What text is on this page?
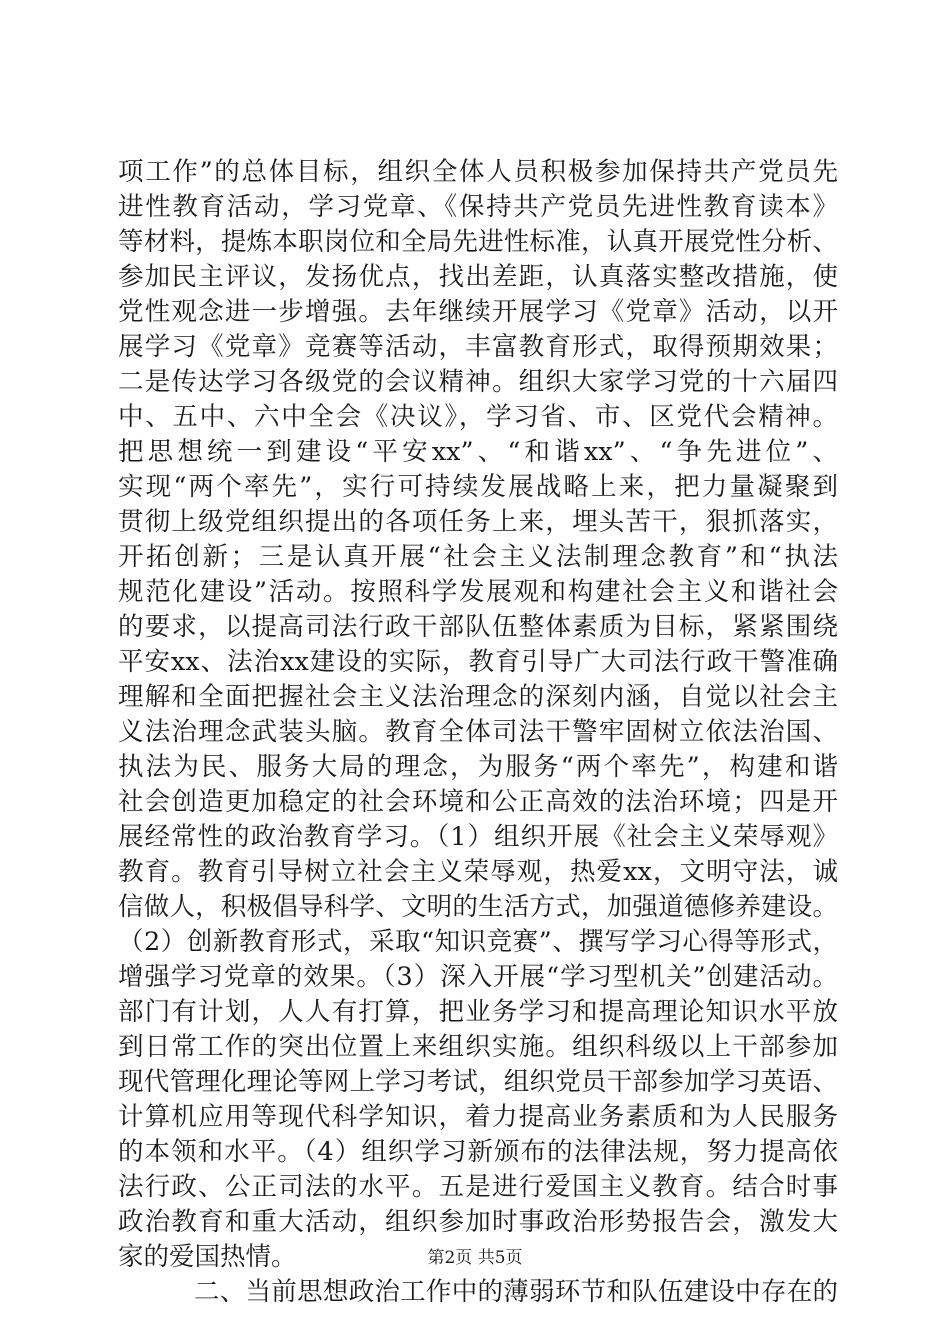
项工作”的总体目标，组织全体人员积极参加保持共产党员先
进性教育活动，学习党章、《保持共产党员先进性教育读本》
等材料，提炼本职岗位和全局先进性标准，认真开展党性分析、
参加民主评议，发扬优点，找出差距，认真落实整改措施，使
党性观念进一步增强。去年继续开展学习《党章》活动，以开
展学习《党章》竞赛等活动，丰富教育形式，取得预期效果；
二是传达学习各级党的会议精神。组织大家学习党的十六届四
中、五中、六中全会《决议》，学习省、市、区党代会精神。
把思想统一到建设“平安xx”、“和谐xx”、“争先进位”、
实现“两个率先”，实行可持续发展战略上来，把力量凝聚到
贯彻上级党组织提出的各项任务上来，埋头苦干，狠抓落实，
开拓创新；三是认真开展“社会主义法制理念教育”和“执法
规范化建设”活动。按照科学发展观和构建社会主义和谐社会
的要求，以提高司法行政干部队伍整体素质为目标，紧紧围绕
平安xx、法治xx建设的实际，教育引导广大司法行政干警准确
理解和全面把握社会主义法治理念的深刻内涵，自觉以社会主
义法治理念武装头脑。教育全体司法干警牢固树立依法治国、
执法为民、服务大局的理念，为服务“两个率先”，构建和谐
社会创造更加稳定的社会环境和公正高效的法治环境；四是开
展经常性的政治教育学习。（1）组织开展《社会主义荣辱观》
教育。教育引导树立社会主义荣辱观，热爱xx，文明守法，诚
信做人，积极倡导科学、文明的生活方式，加强道德修养建设。
（2）创新教育形式，采取“知识竞赛”、撰写学习心得等形式，
增强学习党章的效果。（3）深入开展“学习型机关”创建活动。
部门有计划，人人有打算，把业务学习和提高理论知识水平放
到日常工作的突出位置上来组织实施。组织科级以上干部参加
现代管理化理论等网上学习考试，组织党员干部参加学习英语、
计算机应用等现代科学知识，着力提高业务素质和为人民服务
的本领和水平。（4）组织学习新颁布的法律法规，努力提高依
法行政、公正司法的水平。五是进行爱国主义教育。结合时事
政治教育和重大活动，组织参加时事政治形势报告会，激发大
家的爱国热情。
二、当前思想政治工作中的薄弱环节和队伍建设中存在的
第2页 共5页
